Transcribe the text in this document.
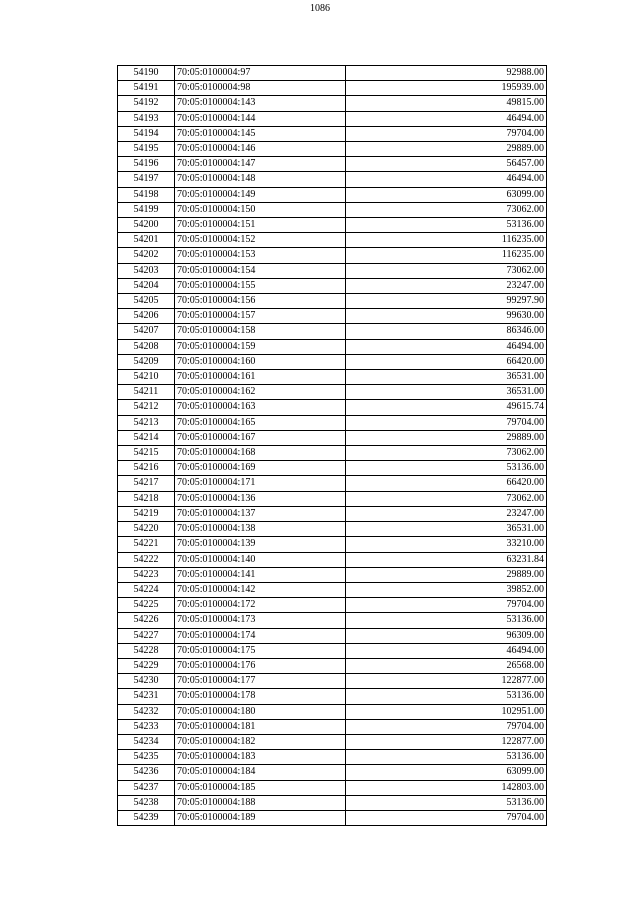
1086
54190	70:05:0100004:97	92988.00
54191	70:05:0100004:98	195939.00
54192	70:05:0100004:143	49815.00
54193	70:05:0100004:144	46494.00
54194	70:05:0100004:145	79704.00
54195	70:05:0100004:146	29889.00
54196	70:05:0100004:147	56457.00
54197	70:05:0100004:148	46494.00
54198	70:05:0100004:149	63099.00
54199	70:05:0100004:150	73062.00
54200	70:05:0100004:151	53136.00
54201	70:05:0100004:152	116235.00
54202	70:05:0100004:153	116235.00
54203	70:05:0100004:154	73062.00
54204	70:05:0100004:155	23247.00
54205	70:05:0100004:156	99297.90
54206	70:05:0100004:157	99630.00
54207	70:05:0100004:158	86346.00
54208	70:05:0100004:159	46494.00
54209	70:05:0100004:160	66420.00
54210	70:05:0100004:161	36531.00
54211	70:05:0100004:162	36531.00
54212	70:05:0100004:163	49615.74
54213	70:05:0100004:165	79704.00
54214	70:05:0100004:167	29889.00
54215	70:05:0100004:168	73062.00
54216	70:05:0100004:169	53136.00
54217	70:05:0100004:171	66420.00
54218	70:05:0100004:136	73062.00
54219	70:05:0100004:137	23247.00
54220	70:05:0100004:138	36531.00
54221	70:05:0100004:139	33210.00
54222	70:05:0100004:140	63231.84
54223	70:05:0100004:141	29889.00
54224	70:05:0100004:142	39852.00
54225	70:05:0100004:172	79704.00
54226	70:05:0100004:173	53136.00
54227	70:05:0100004:174	96309.00
54228	70:05:0100004:175	46494.00
54229	70:05:0100004:176	26568.00
54230	70:05:0100004:177	122877.00
54231	70:05:0100004:178	53136.00
54232	70:05:0100004:180	102951.00
54233	70:05:0100004:181	79704.00
54234	70:05:0100004:182	122877.00
54235	70:05:0100004:183	53136.00
54236	70:05:0100004:184	63099.00
54237	70:05:0100004:185	142803.00
54238	70:05:0100004:188	53136.00
54239	70:05:0100004:189	79704.00
